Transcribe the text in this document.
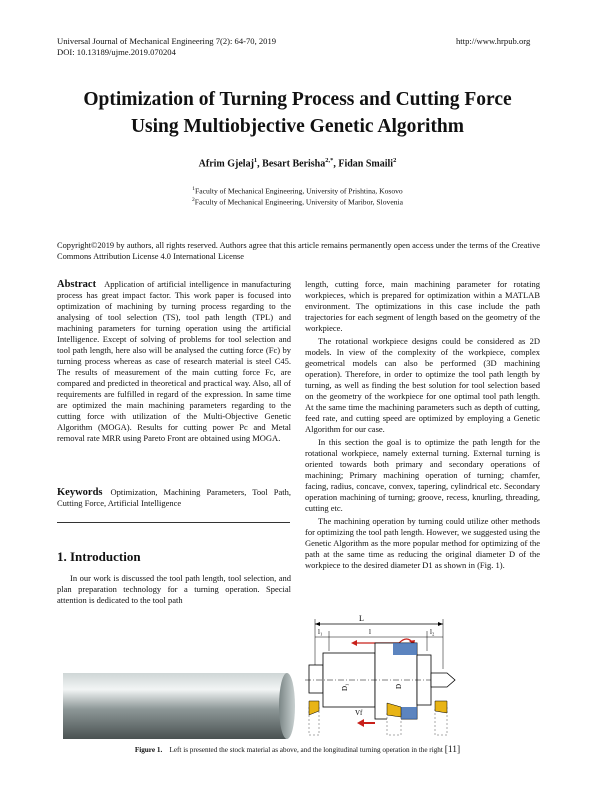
Universal Journal of Mechanical Engineering 7(2): 64-70, 2019
DOI: 10.13189/ujme.2019.070204
http://www.hrpub.org
Optimization of Turning Process and Cutting Force
Using Multiobjective Genetic Algorithm
Afrim Gjelaj$^1$, Besart Berisha$^{2,*}$, Fidan Smaili$^2$
$^1$Faculty of Mechanical Engineering, University of Prishtina, Kosovo
$^2$Faculty of Mechanical Engineering, University of Maribor, Slovenia
Copyright©2019 by authors, all rights reserved. Authors agree that this article remains permanently open access under the terms of the Creative Commons Attribution License 4.0 International License

Abstract Application of artificial intelligence in manufacturing process has great impact factor. This work paper is focused into optimization of machining by turning process regarding to the analysing of tool selection (TS), tool path length (TPL) and machining parameters for turning operation using the artificial Intelligence. Except of solving of problems for tool selection and tool path length, here also will be analysed the cutting force (Fc) by turning process whereas as case of research material is steel C45. The results of measurement of the main cutting force Fc, are compared and predicted in theoretical and practical way. Also, all of requirements are fulfilled in regard of the expression. In same time are optimized the main machining parameters regarding to the cutting force with utilization of the Multi-Objective Genetic Algorithm (MOGA). Results for cutting power Pc and Metal removal rate MRR using Pareto Front are obtained using MOGA.

Keywords Optimization, Machining Parameters, Tool Path, Cutting Force, Artificial Intelligence

1. Introduction

In our work is discussed the tool path length, tool selection, and plan preparation technology for a turning operation. Special attention is dedicated to the tool path

length, cutting force, main machining parameter for rotating workpieces, which is prepared for optimization within a MATLAB environment. The optimizations in this case include the path trajectories for each segment of length based on the geometry of the workpiece.

The rotational workpiece designs could be considered as 2D models. In view of the complexity of the workpiece, complex geometrical models can also be performed (3D machining operation). Therefore, in order to optimize the tool path length by turning, as well as finding the best solution for tool selection based on the geometry of the workpiece for one optimal tool path length. At the same time the machining parameters such as depth of cutting, feed rate, and cutting speed are optimized by employing a Genetic Algorithm for our case.

In this section the goal is to optimize the path length for the rotational workpiece, namely external turning. External turning is oriented towards both primary and secondary operations of machining; Primary machining operation of turning; chamfer, facing, radius, concave, convex, tapering, cylindrical etc. Secondary operation machining of turning; groove, recess, knurling, threading, cutting etc.

The machining operation by turning could utilize other methods for optimizing the tool path length. However, we suggested using the Genetic Algorithm as the more popular method for optimizing of the path at the same time as reducing the original diameter D of the workpiece to the desired diameter D1 as shown in (Fig. 1).

L
l₁	l	l₂
D₁	D
Vf
Figure 1. Left is presented the stock material as above, and the longitudinal turning operation in the right [11]
